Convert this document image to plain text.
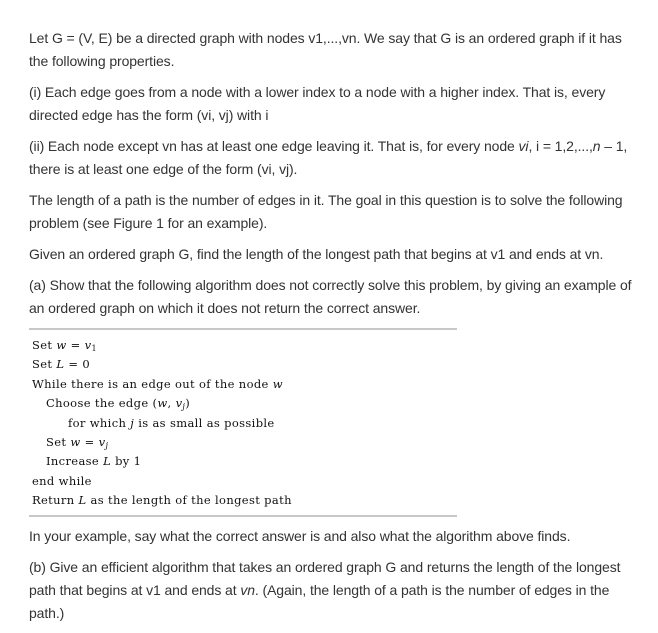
Let G = (V, E) be a directed graph with nodes v1,...,vn. We say that G is an ordered graph if it has the following properties.

(i) Each edge goes from a node with a lower index to a node with a higher index. That is, every directed edge has the form (vi, vj) with i

(ii) Each node except vn has at least one edge leaving it. That is, for every node vi, i = 1,2,...,n – 1, there is at least one edge of the form (vi, vj).

The length of a path is the number of edges in it. The goal in this question is to solve the following problem (see Figure 1 for an example).

Given an ordered graph G, find the length of the longest path that begins at v1 and ends at vn.

(a) Show that the following algorithm does not correctly solve this problem, by giving an example of an ordered graph on which it does not return the correct answer.

Set w = v1
Set L = 0
While there is an edge out of the node w
Choose the edge (w, $v_j$)
for which j is as small as possible
Set $w = v_j$
Increase L by 1
end while
Return L as the length of the longest path

In your example, say what the correct answer is and also what the algorithm above finds.

(b) Give an efficient algorithm that takes an ordered graph G and returns the length of the longest path that begins at v1 and ends at vn. (Again, the length of a path is the number of edges in the path.)
